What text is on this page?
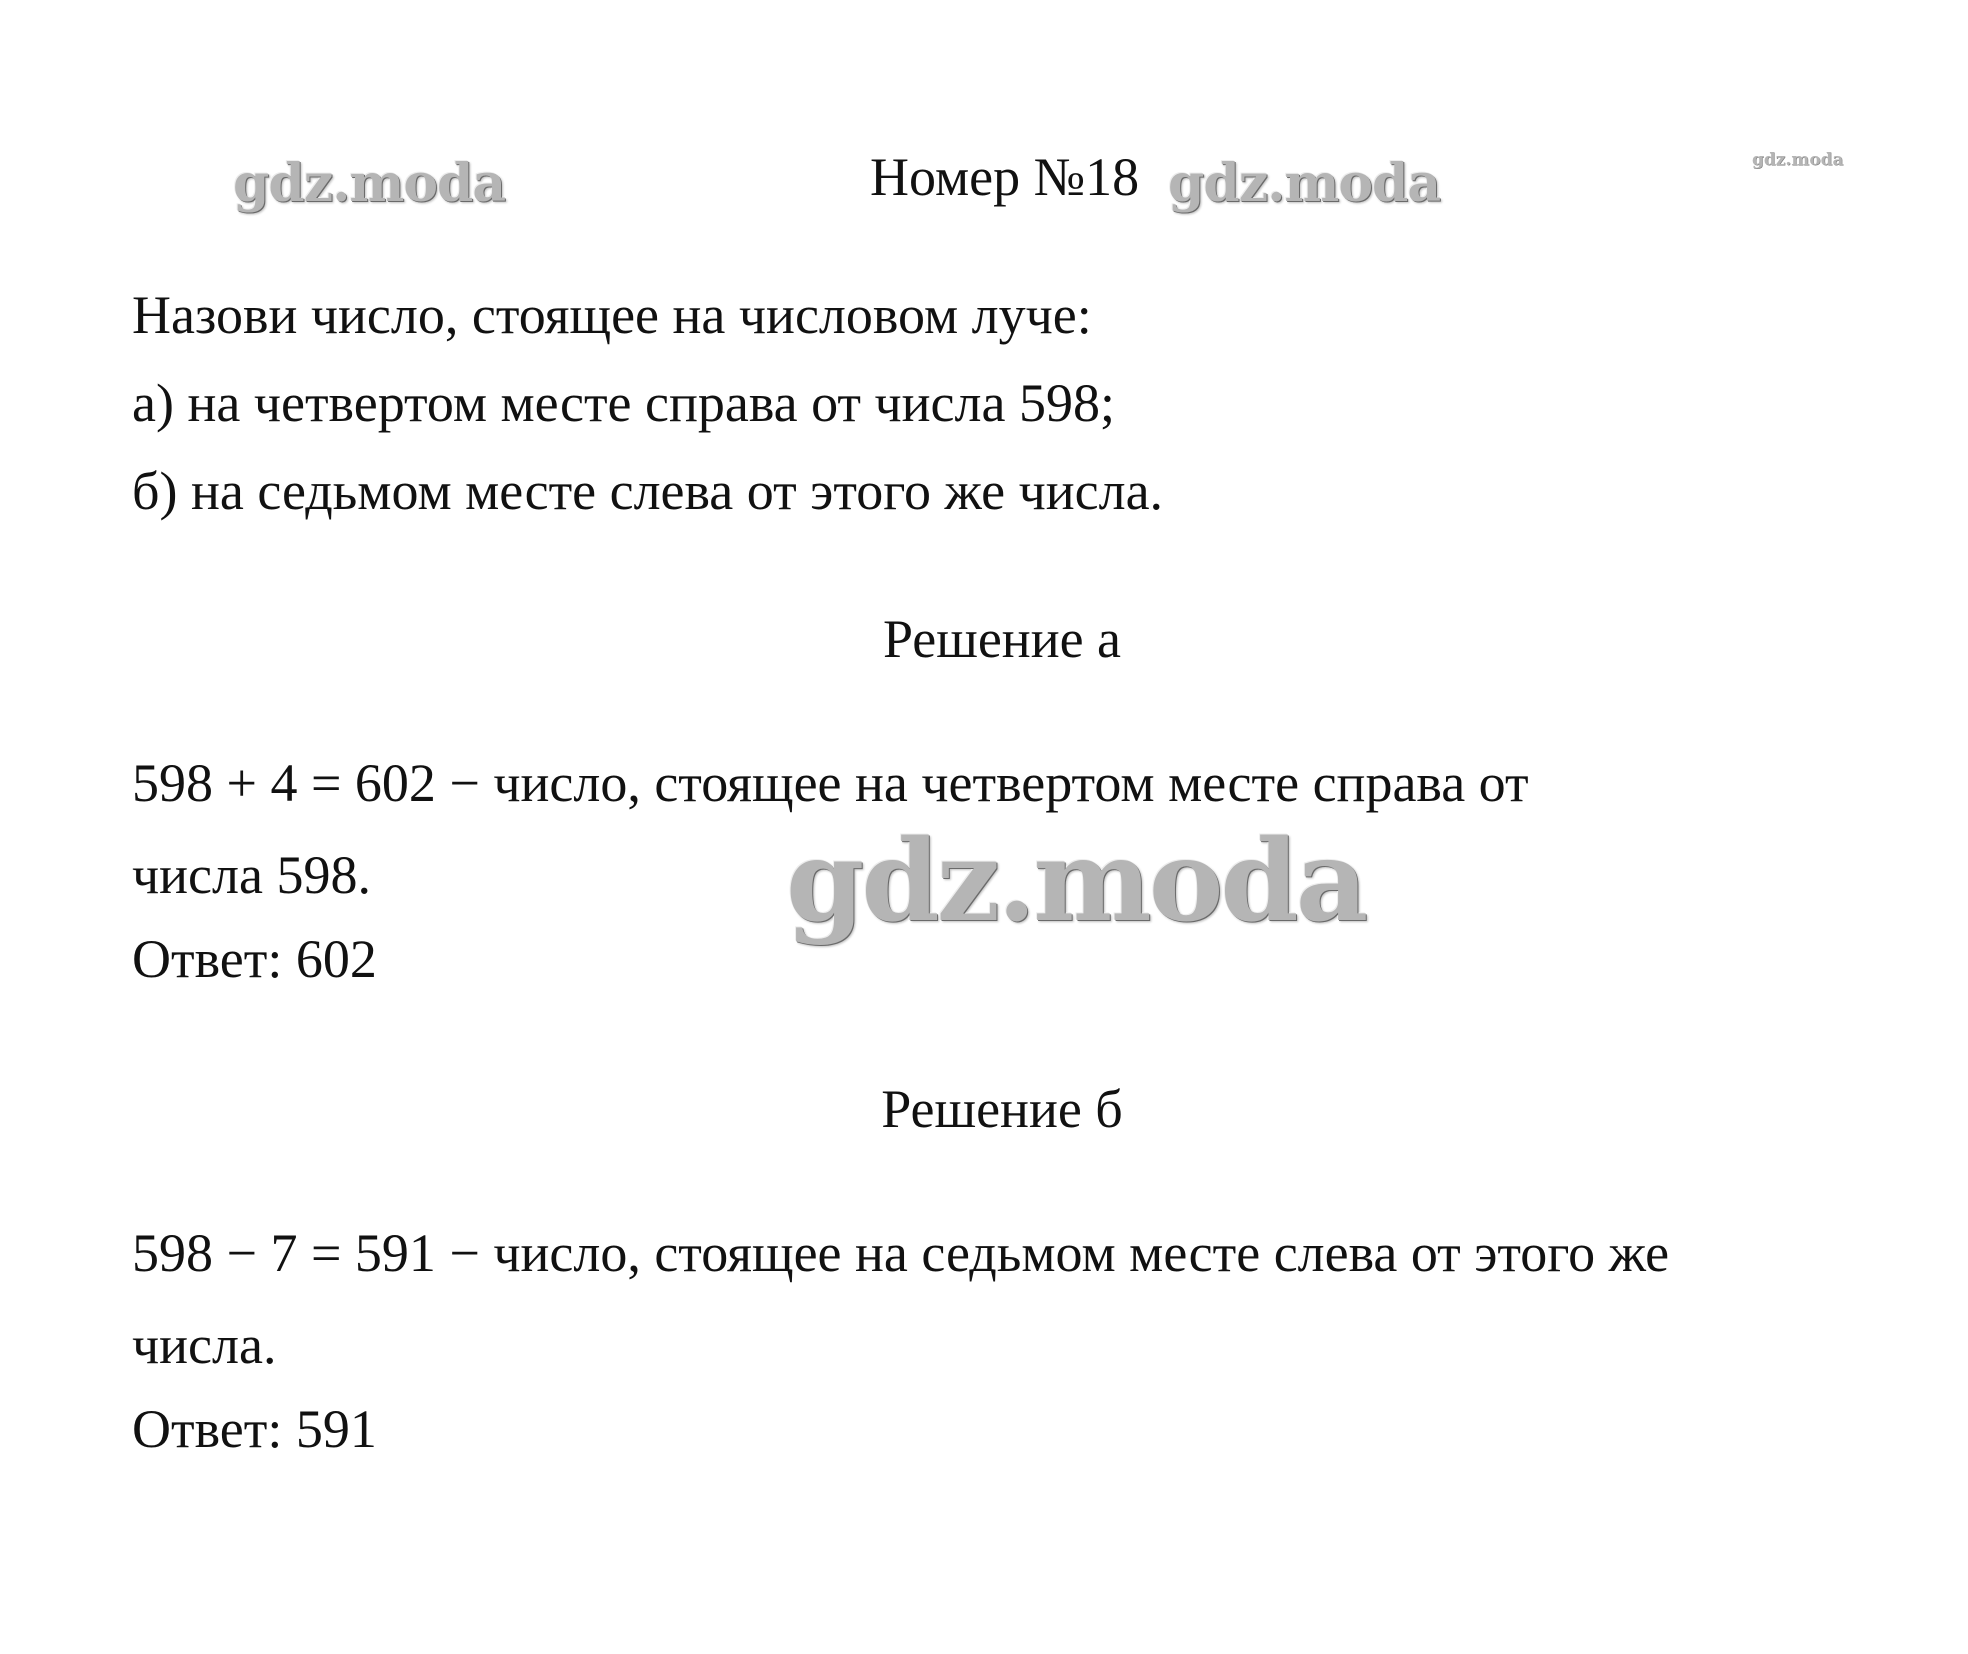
gdz.moda	gdz.moda	gdz.moda
Номер №18
Назови число, стоящее на числовом луче:
а) на четвертом месте справа от числа 598;
б) на седьмом месте слева от этого же числа.
Решение а
598 + 4 = 602 − число, стоящее на четвертом месте справа от
числа 598.
Ответ: 602
gdz.moda
Решение б
598 − 7 = 591 − число, стоящее на седьмом месте слева от этого же
числа.
Ответ: 591
